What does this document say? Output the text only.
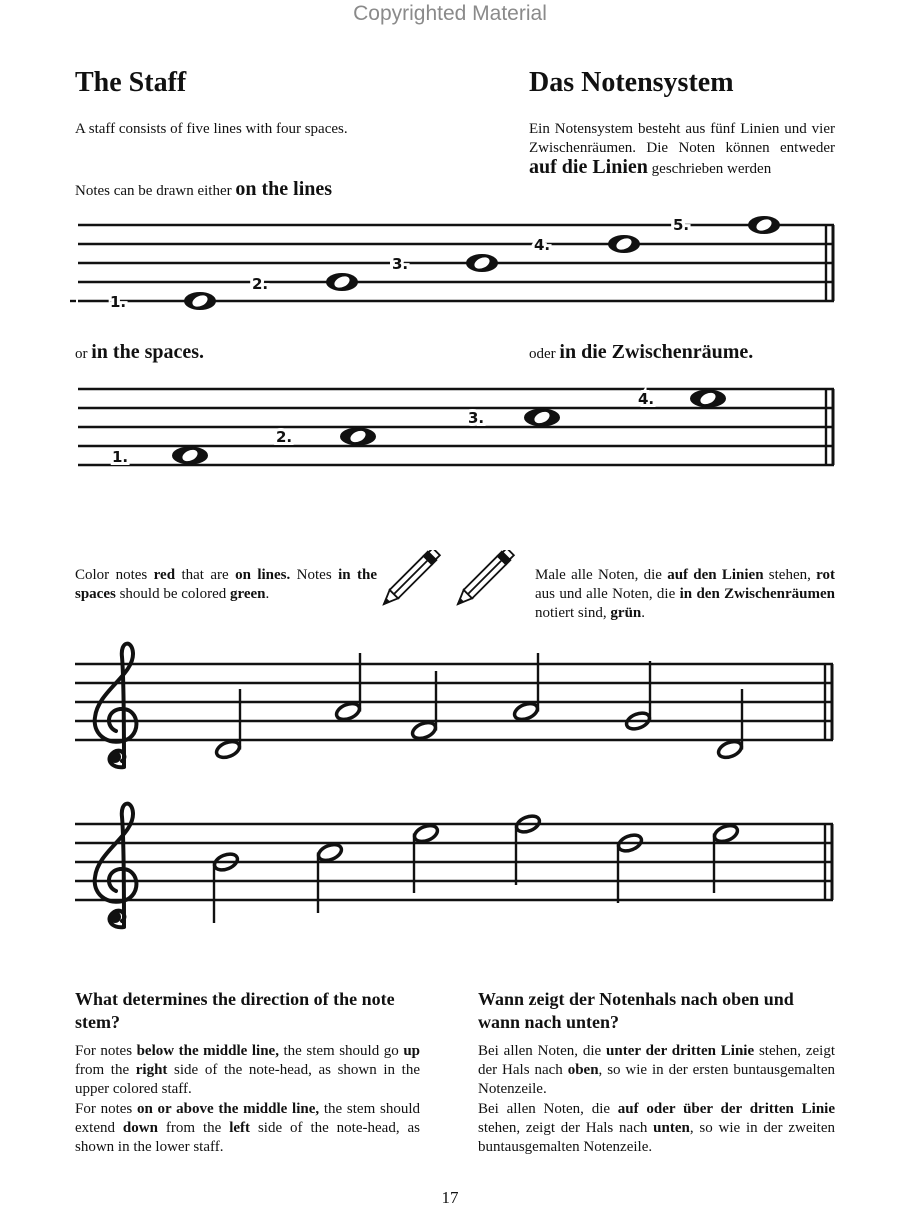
Copyrighted Material
The Staff
A staff consists of five lines with four spaces.
Notes can be drawn either on the lines
Das Notensystem
Ein Notensystem besteht aus fünf Linien und vier Zwischenräumen. Die Noten können entweder auf die Linien geschrieben werden
1.
2.
3.
4.
5.
or in the spaces.	oder in die Zwischenräume.
1.
2.
3.
4.
Color notes red that are on lines. Notes in the spaces should be colored green.
Male alle Noten, die auf den Linien stehen, rot aus und alle Noten, die in den Zwischenräumen notiert sind, grün.
What determines the direction of the note stem?
For notes below the middle line, the stem should go up from the right side of the note-head, as shown in the upper colored staff.
For notes on or above the middle line, the stem should extend down from the left side of the note-head, as shown in the lower staff.
Wann zeigt der Notenhals nach oben und wann nach unten?
Bei allen Noten, die unter der dritten Linie stehen, zeigt der Hals nach oben, so wie in der ersten buntausgemalten Notenzeile.
Bei allen Noten, die auf oder über der dritten Linie stehen, zeigt der Hals nach unten, so wie in der zweiten buntausgemalten Notenzeile.
17
